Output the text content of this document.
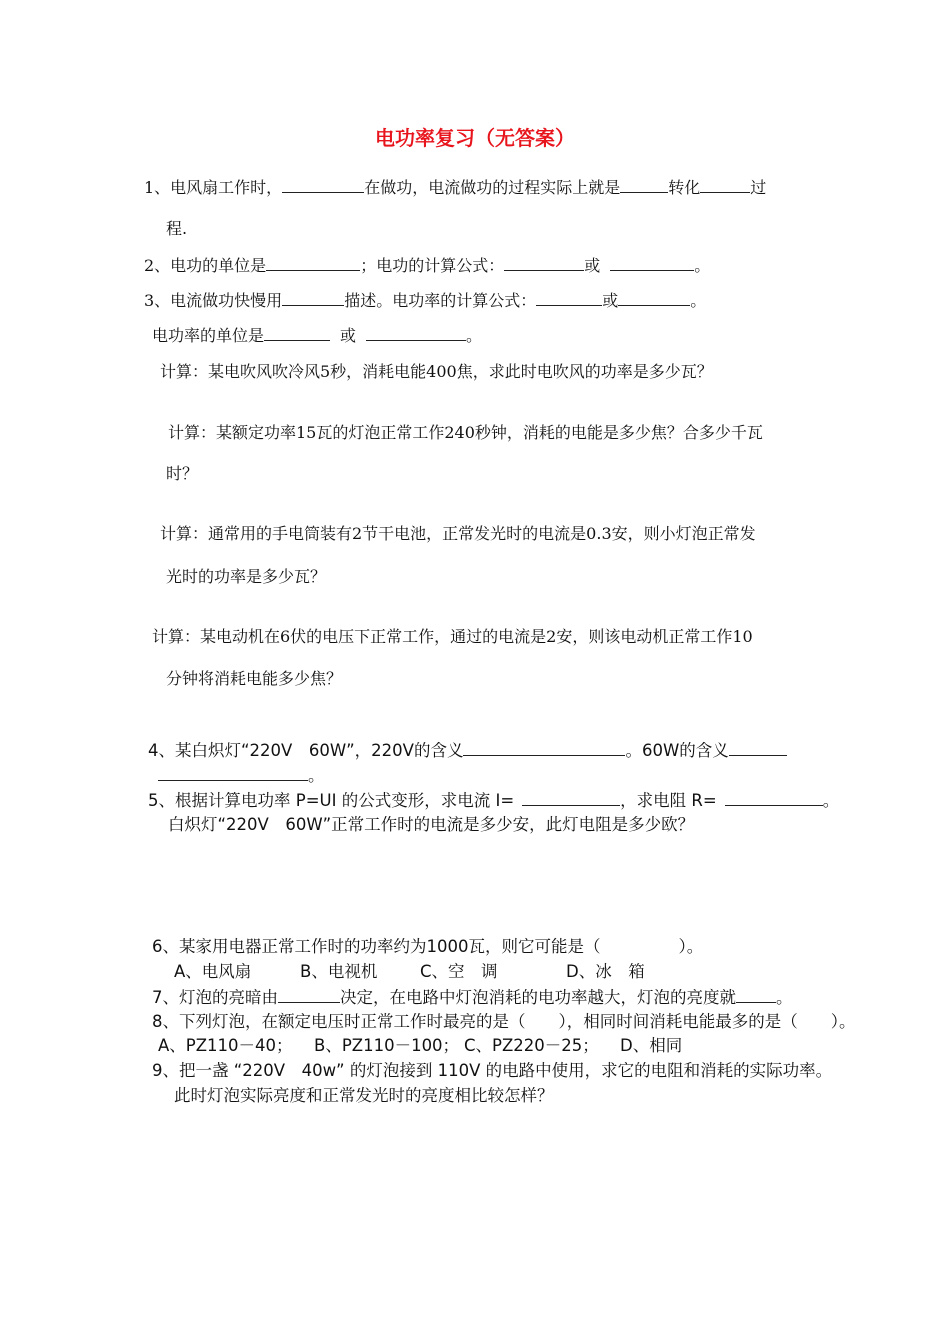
电功率复习（无答案）
1、电风扇工作时，	在做功，电流做功的过程实际上就是	转化	过
程.
2、电功的单位是	；电功的计算公式：	或	。
3、电流做功快慢用	描述。电功率的计算公式：	或	。
电功率的单位是	或	。
计算：某电吹风吹冷风5秒，消耗电能400焦，求此时电吹风的功率是多少瓦？
计算：某额定功率15瓦的灯泡正常工作240秒钟，消耗的电能是多少焦？合多少千瓦
时？
计算：通常用的手电筒装有2节干电池，正常发光时的电流是0.3安，则小灯泡正常发
光时的功率是多少瓦？
计算：某电动机在6伏的电压下正常工作，通过的电流是2安，则该电动机正常工作10
分钟将消耗电能多少焦？
4、某白炽灯“220V　60W”，220V的含义	。60W的含义
。
5、根据计算电功率 P=UI 的公式变形，求电流 I=	，求电阻 R=	。
白炽灯“220V　60W”正常工作时的电流是多少安，此灯电阻是多少欧？
6、某家用电器正常工作时的功率约为1000瓦，则它可能是（	）。
A、电风扇	B、电视机	C、空　调	D、冰　箱
7、灯泡的亮暗由	决定，在电路中灯泡消耗的电功率越大，灯泡的亮度就 。
8、下列灯泡，在额定电压时正常工作时最亮的是（　　），相同时间消耗电能最多的是（　　）。
A、PZ110－40； B、PZ110－100； C、PZ220－25； D、相同
9、把一盏 “220V　40w” 的灯泡接到 110V 的电路中使用，求它的电阻和消耗的实际功率。
此时灯泡实际亮度和正常发光时的亮度相比较怎样？
